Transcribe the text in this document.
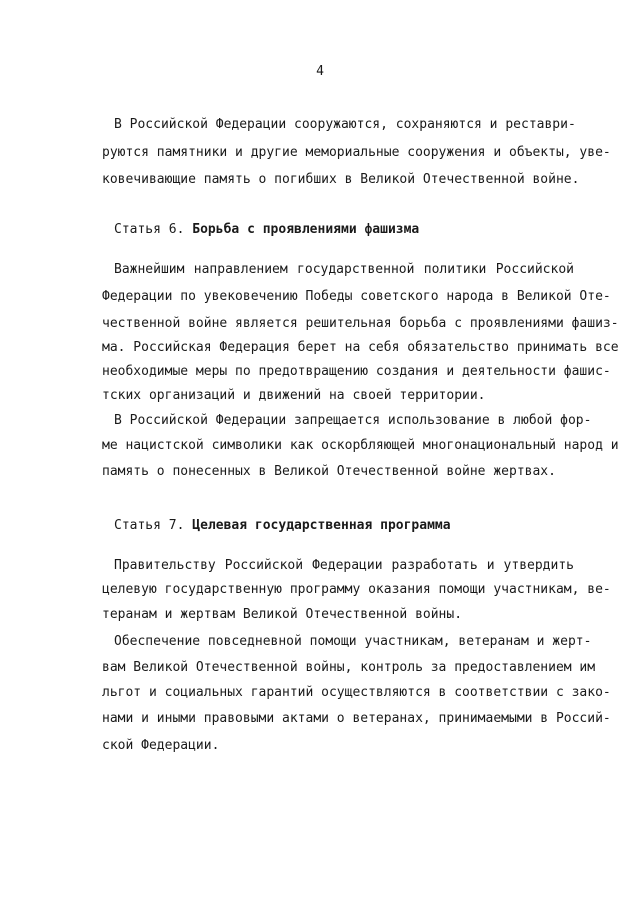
4
В Российской Федерации сооружаются, сохраняются и реставри-
руются памятники и другие мемориальные сооружения и объекты, уве-
ковечивающие память о погибших в Великой Отечественной войне.
Статья 6. Борьба с проявлениями фашизма
Важнейшим направлением государственной политики Российской
Федерации по увековечению Победы советского народа в Великой Оте-
чественной войне является решительная борьба с проявлениями фашиз-
ма. Российская Федерация берет на себя обязательство принимать все
необходимые меры по предотвращению создания и деятельности фашис-
тских организаций и движений на своей территории.
В Российской Федерации запрещается использование в любой фор-
ме нацистской символики как оскорбляющей многонациональный народ и
память о понесенных в Великой Отечественной войне жертвах.
Статья 7. Целевая государственная программа
Правительству Российской Федерации разработать и утвердить
целевую государственную программу оказания помощи участникам, ве-
теранам и жертвам Великой Отечественной войны.
Обеспечение повседневной помощи участникам, ветеранам и жерт-
вам Великой Отечественной войны, контроль за предоставлением им
льгот и социальных гарантий осуществляются в соответствии с зако-
нами и иными правовыми актами о ветеранах, принимаемыми в Россий-
ской Федерации.
